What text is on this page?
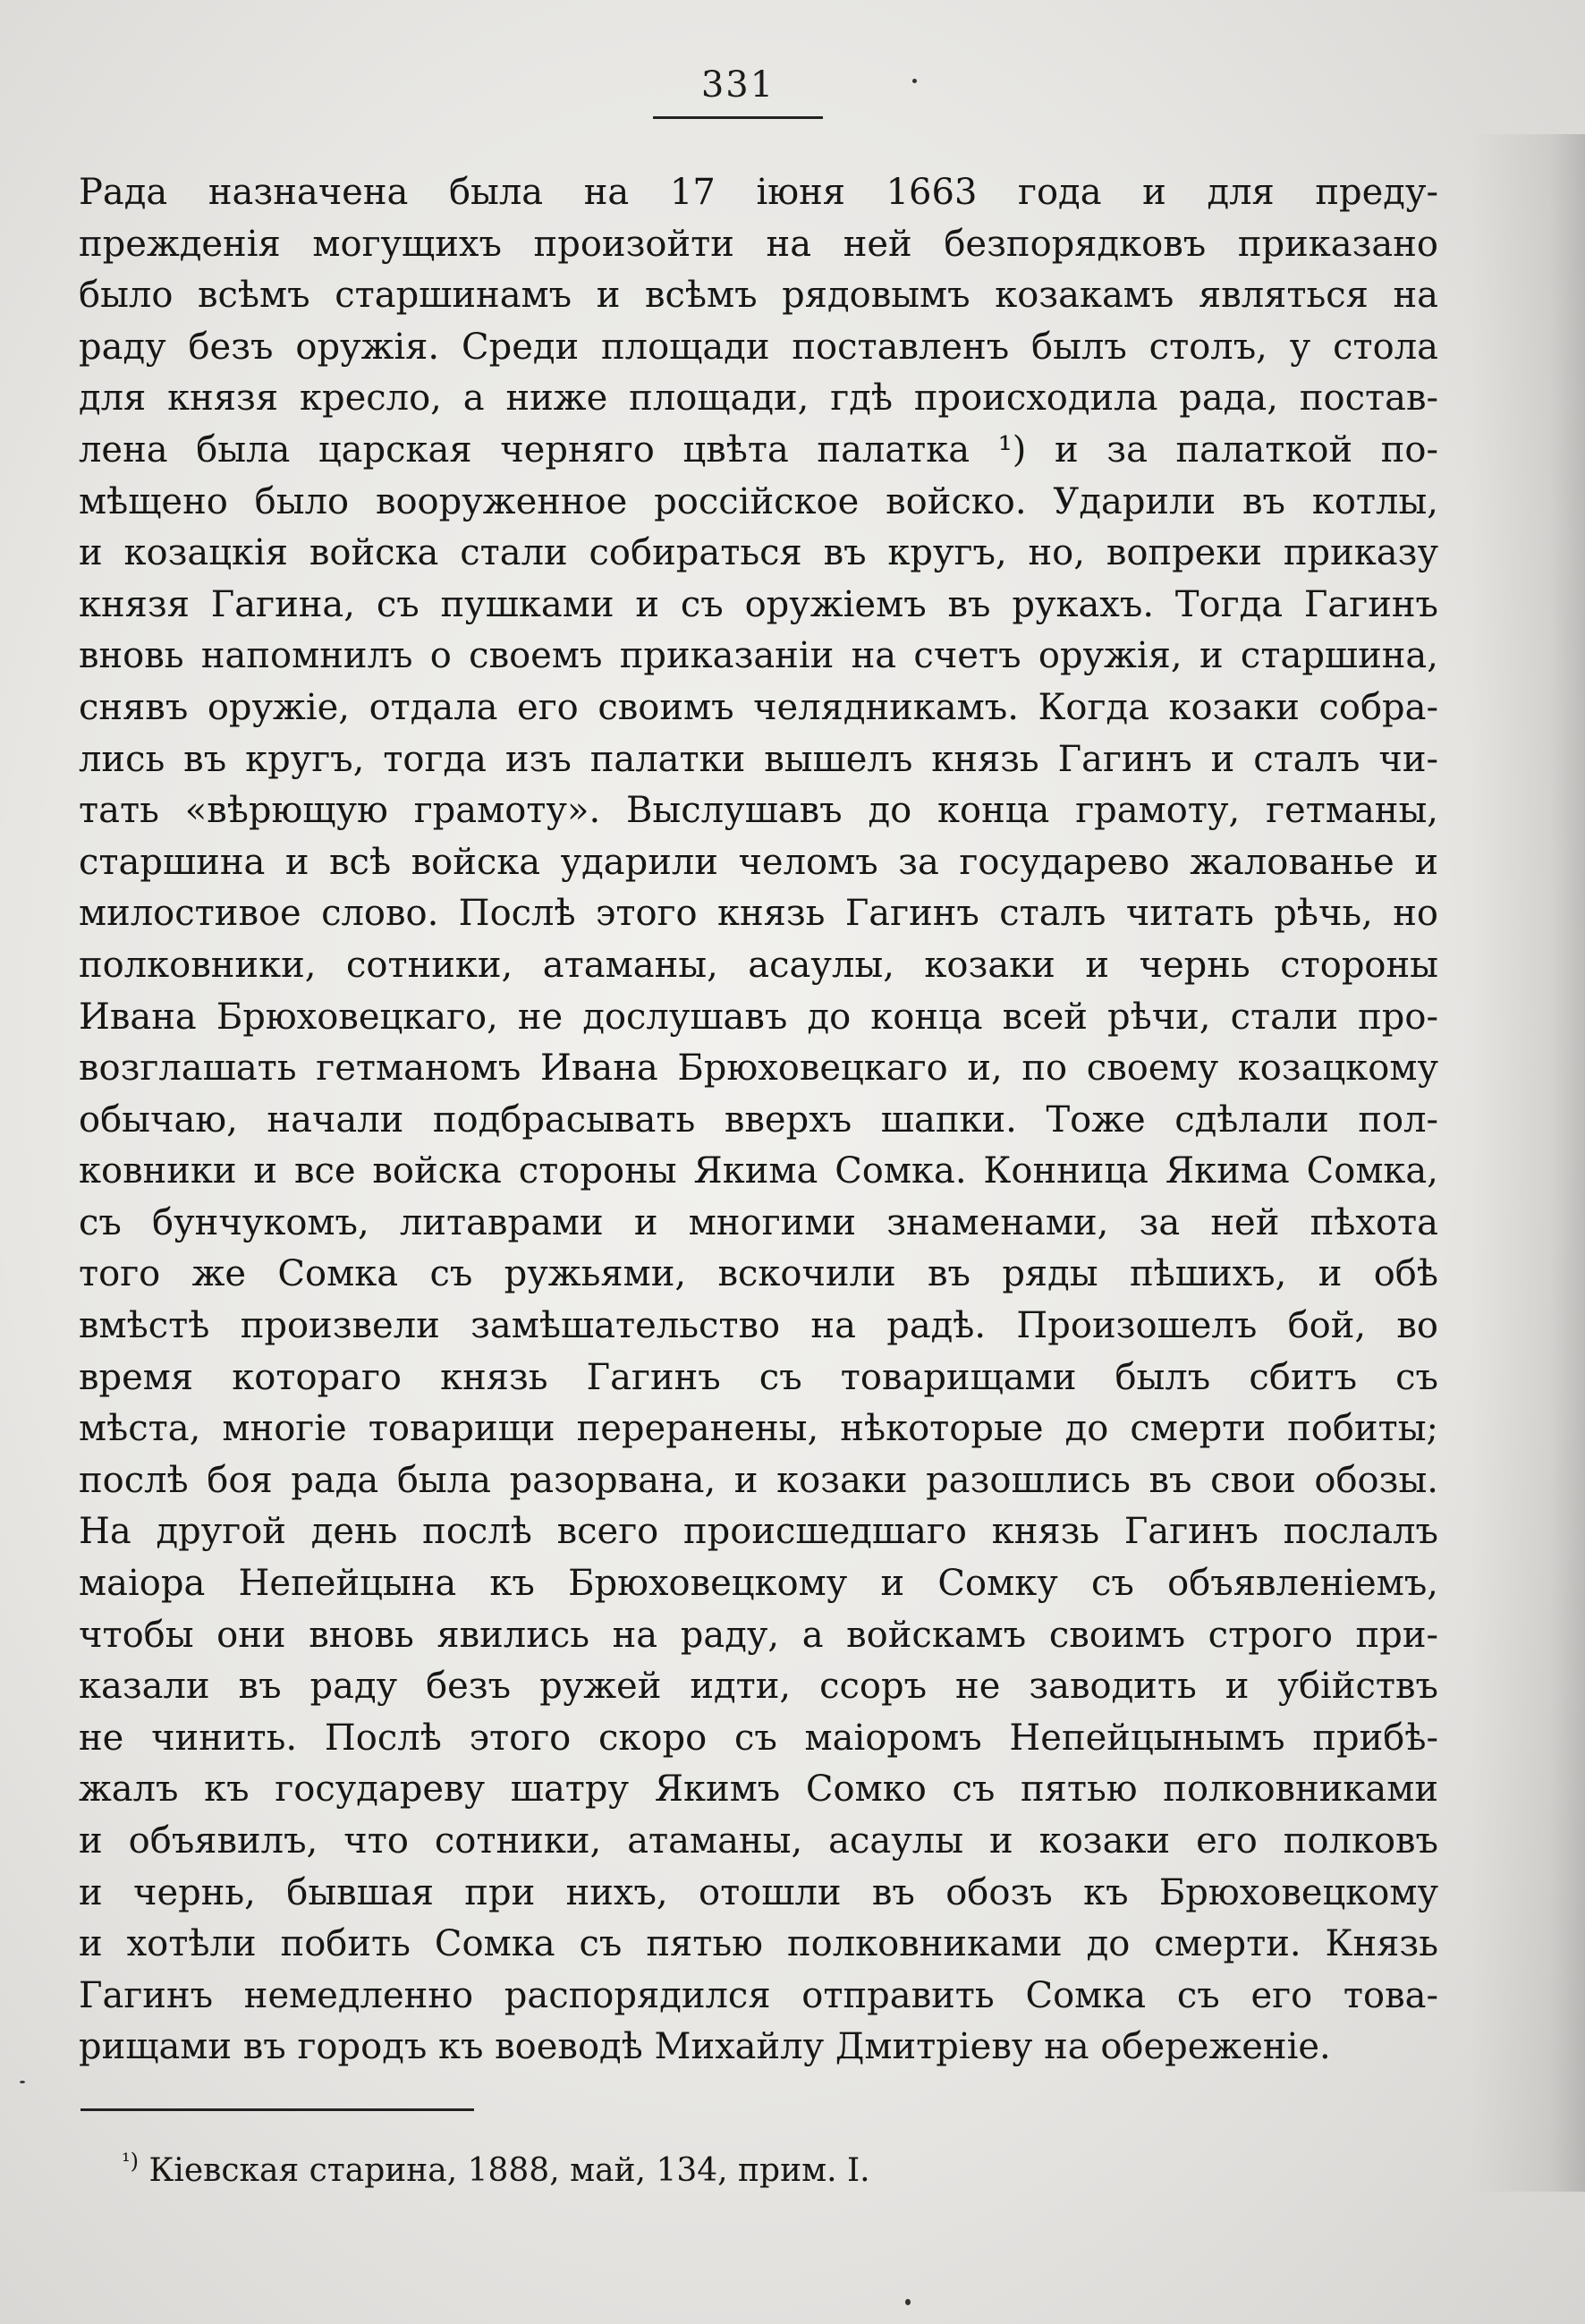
331
Рада назначена была на 17 іюня 1663 года и для преду-
прежденія могущихъ произойти на ней безпорядковъ приказано
было всѣмъ старшинамъ и всѣмъ рядовымъ козакамъ являться на
раду безъ оружія. Среди площади поставленъ былъ столъ, у стола
для князя кресло, а ниже площади, гдѣ происходила рада, постав-
лена была царская черняго цвѣта палатка ¹) и за палаткой по-
мѣщено было вооруженное россійское войско. Ударили въ котлы,
и козацкія войска стали собираться въ кругъ, но, вопреки приказу
князя Гагина, съ пушками и съ оружіемъ въ рукахъ. Тогда Гагинъ
вновь напомнилъ о своемъ приказаніи на счетъ оружія, и старшина,
снявъ оружіе, отдала его своимъ челядникамъ. Когда козаки собра-
лись въ кругъ, тогда изъ палатки вышелъ князь Гагинъ и сталъ чи-
тать «вѣрющую грамоту». Выслушавъ до конца грамоту, гетманы,
старшина и всѣ войска ударили челомъ за государево жалованье и
милостивое слово. Послѣ этого князь Гагинъ сталъ читать рѣчь, но
полковники, сотники, атаманы, асаулы, козаки и чернь стороны
Ивана Брюховецкаго, не дослушавъ до конца всей рѣчи, стали про-
возглашать гетманомъ Ивана Брюховецкаго и, по своему козацкому
обычаю, начали подбрасывать вверхъ шапки. Тоже сдѣлали пол-
ковники и все войска стороны Якима Сомка. Конница Якима Сомка,
съ бунчукомъ, литаврами и многими знаменами, за ней пѣхота
того же Сомка съ ружьями, вскочили въ ряды пѣшихъ, и обѣ
вмѣстѣ произвели замѣшательство на радѣ. Произошелъ бой, во
время котораго князь Гагинъ съ товарищами былъ сбитъ съ
мѣста, многіе товарищи переранены, нѣкоторые до смерти побиты;
послѣ боя рада была разорвана, и козаки разошлись въ свои обозы.
На другой день послѣ всего происшедшаго князь Гагинъ послалъ
маіора Непейцына къ Брюховецкому и Сомку съ объявленіемъ,
чтобы они вновь явились на раду, а войскамъ своимъ строго при-
казали въ раду безъ ружей идти, ссоръ не заводить и убійствъ
не чинить. Послѣ этого скоро съ маіоромъ Непейцынымъ прибѣ-
жалъ къ государеву шатру Якимъ Сомко съ пятью полковниками
и объявилъ, что сотники, атаманы, асаулы и козаки его полковъ
и чернь, бывшая при нихъ, отошли въ обозъ къ Брюховецкому
и хотѣли побить Сомка съ пятью полковниками до смерти. Князь
Гагинъ немедленно распорядился отправить Сомка съ его това-
рищами въ городъ къ воеводѣ Михайлу Дмитріеву на обереженіе.
$^{^1)}$ Кіевская старина, 1888, май, 134, прим. I.
